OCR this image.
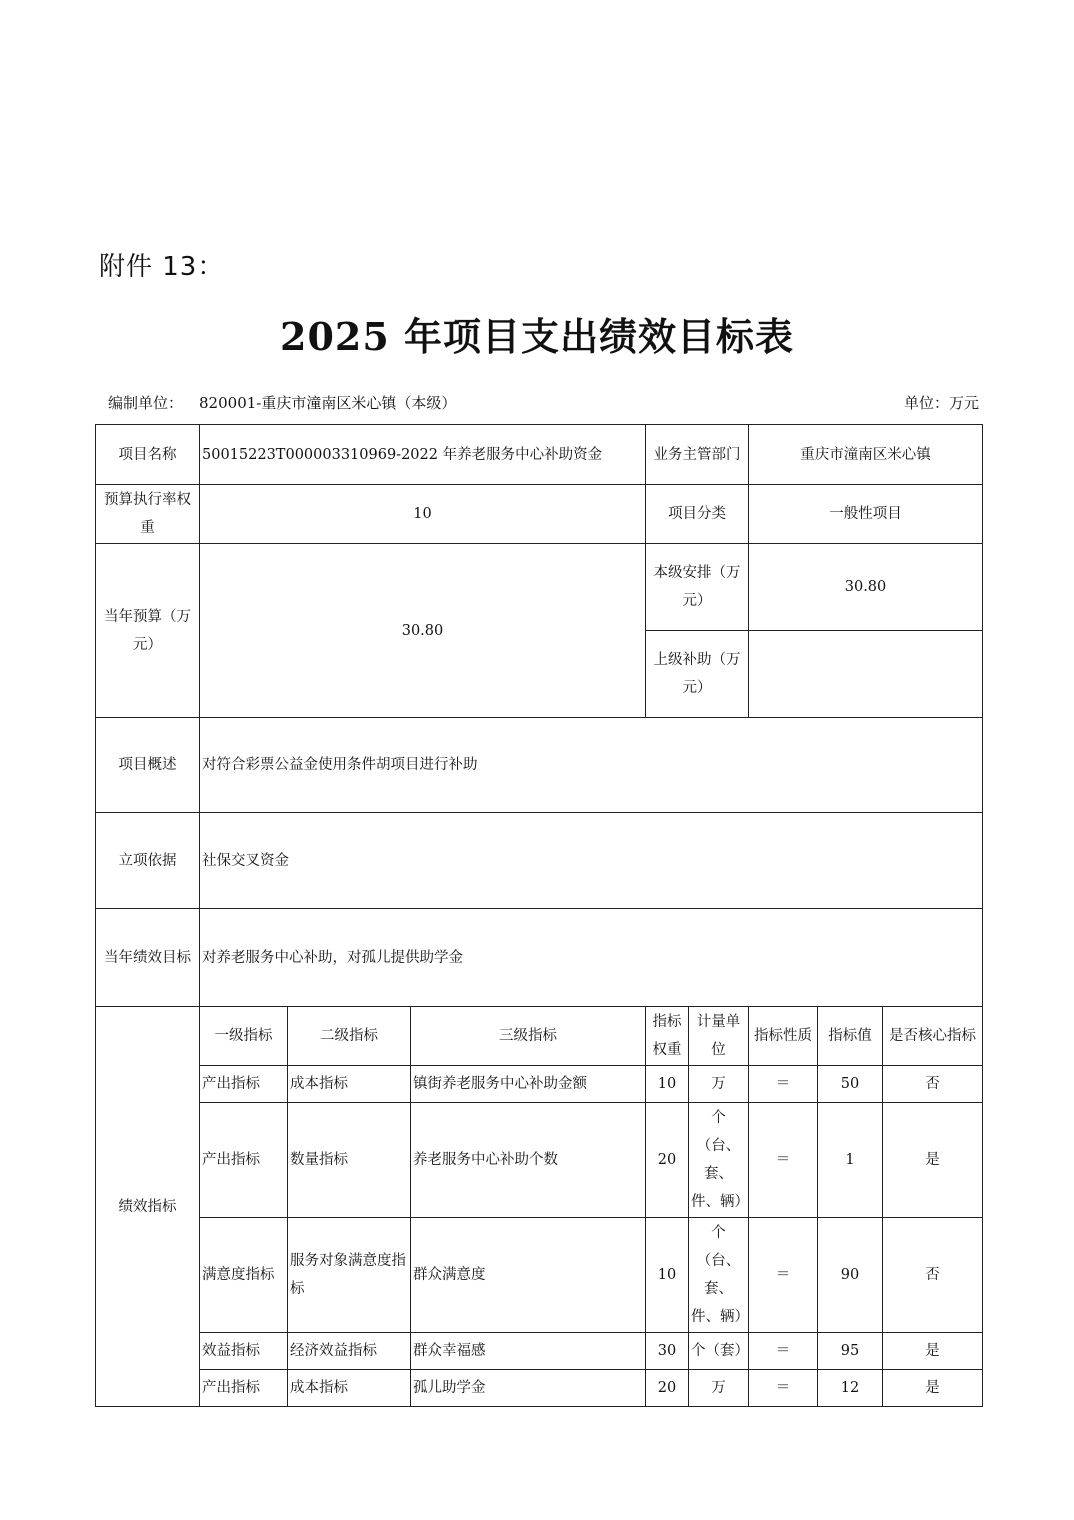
附件 13：
2025 年项目支出绩效目标表
编制单位： 820001-重庆市潼南区米心镇（本级）	单位：万元
项目名称	50015223T000003310969-2022 年养老服务中心补助资金			业务主管部门		重庆市潼南区米心镇		
预算执行率权重	10			项目分类		一般性项目		
当年预算（万元）	30.80			本级安排（万元）		30.80		
				上级补助（万元）				
项目概述	对符合彩票公益金使用条件胡项目进行补助							
立项依据	社保交叉资金							
当年绩效目标	对养老服务中心补助，对孤儿提供助学金							
绩效指标	一级指标	二级指标	三级指标	指标权重	计量单位	指标性质	指标值	是否核心指标
	产出指标	成本指标	镇街养老服务中心补助金额	10	万	＝	50	否
	产出指标	数量指标	养老服务中心补助个数	20	个（台、套、件、辆）	＝	1	是
	满意度指标	服务对象满意度指标	群众满意度	10	个（台、套、件、辆）	＝	90	否
	效益指标	经济效益指标	群众幸福感	30	个（套）	＝	95	是
	产出指标	成本指标	孤儿助学金	20	万	＝	12	是
